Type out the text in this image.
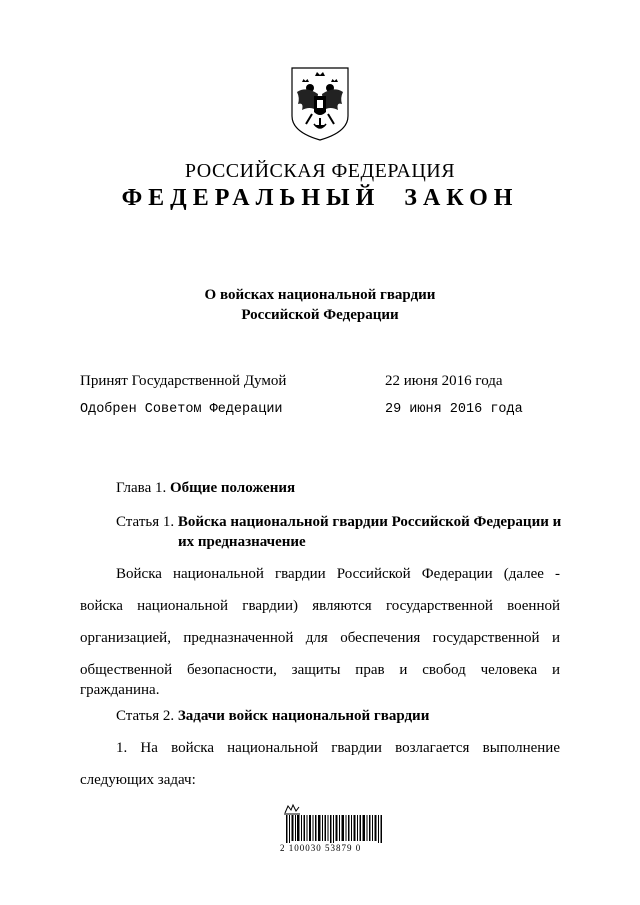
РОССИЙСКАЯ ФЕДЕРАЦИЯ
ФЕДЕРАЛЬНЫЙ ЗАКОН
О войсках национальной гвардии
Российской Федерации
Принят Государственной Думой	22 июня 2016 года
Одобрен Советом Федерации	29 июня 2016 года
Глава 1. Общие положения
Статья 1. Войска национальной гвардии Российской Федерации и
их предназначение
Войска национальной гвардии Российской Федерации (далее -
войска национальной гвардии) являются государственной военной
организацией, предназначенной для обеспечения государственной и
общественной безопасности, защиты прав и свобод человека и гражданина.
Статья 2. Задачи войск национальной гвардии
1. На войска национальной гвардии возлагается выполнение
следующих задач:
2 100030 53879 0
